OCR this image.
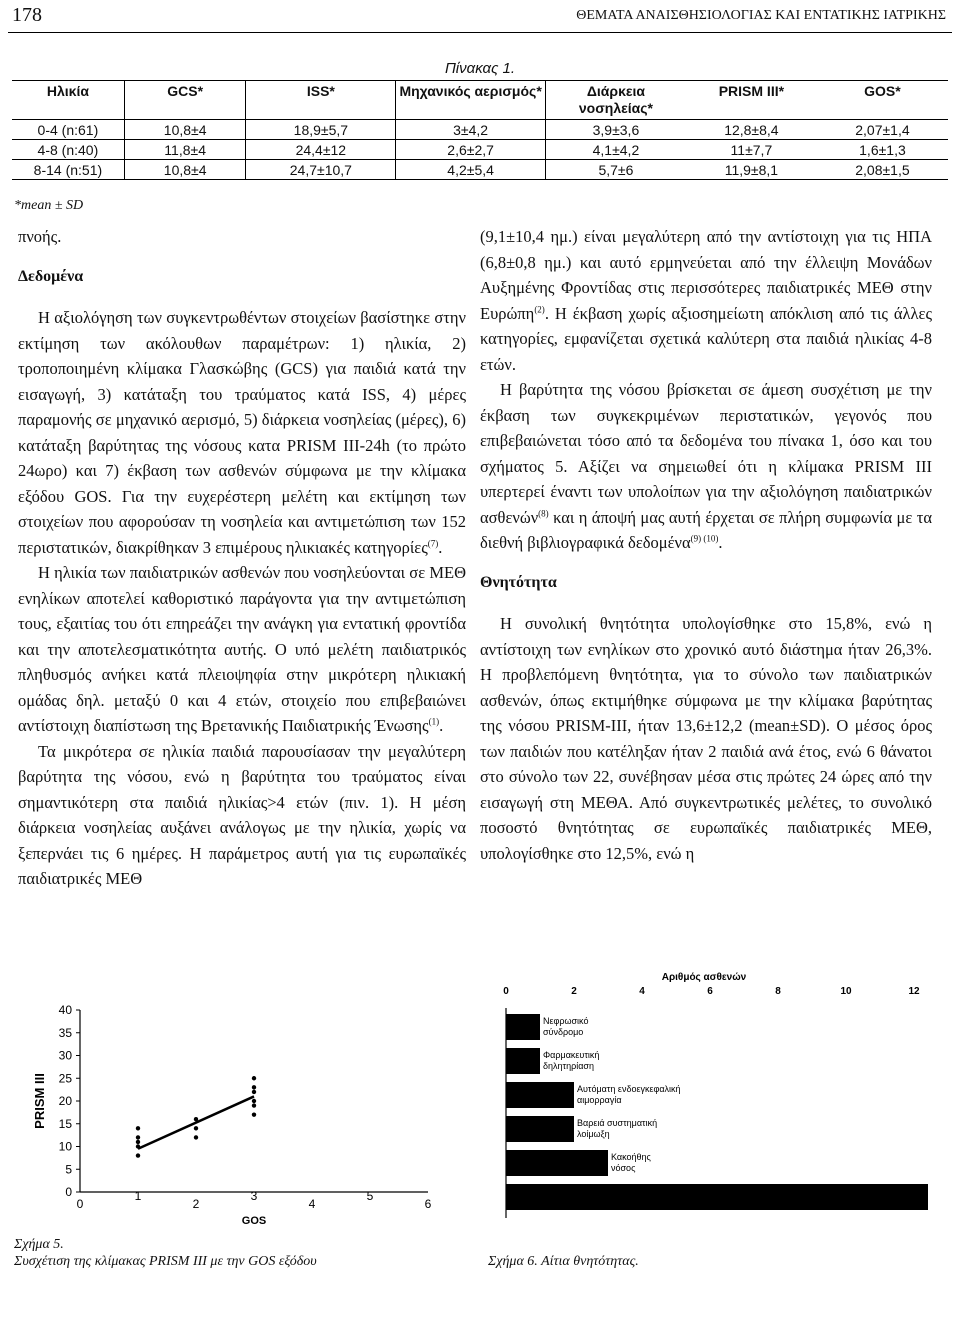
178	ΘΕΜΑΤΑ ΑΝΑΙΣΘΗΣΙΟΛΟΓΙΑΣ ΚΑΙ ΕΝΤΑΤΙΚΗΣ ΙΑΤΡΙΚΗΣ
Πίνακας 1.
Ηλικία	GCS*	ISS*	Μηχανικός αερισμός*	Διάρκεια νοσηλείας*	PRISM III*	GOS*
0-4 (n:61)	10,8±4	18,9±5,7	3±4,2	3,9±3,6	12,8±8,4	2,07±1,4
4-8 (n:40)	11,8±4	24,4±12	2,6±2,7	4,1±4,2	11±7,7	1,6±1,3
8-14 (n:51)	10,8±4	24,7±10,7	4,2±5,4	5,7±6	11,9±8,1	2,08±1,5
*mean ± SD

πνοής.

Δεδομένα

Η αξιολόγηση των συγκεντρωθέντων στοιχείων βασίστηκε στην εκτίμηση των ακόλουθων παραμέτρων: 1) ηλικία, 2) τροποποιημένη κλίμακα Γλασκώβης (GCS) για παιδιά κατά την εισαγωγή, 3) κατάταξη του τραύματος κατά ISS, 4) μέρες παραμονής σε μηχανικό αερισμό, 5) διάρκεια νοσηλείας (μέρες), 6) κατάταξη βαρύτητας της νόσους κατα PRISM III-24h (το πρώτο 24ωρο) και 7) έκβαση των ασθενών σύμφωνα με την κλίμακα εξόδου GOS. Για την ευχερέστερη μελέτη και εκτίμηση των στοιχείων που αφορούσαν τη νοσηλεία και αντιμετώπιση των 152 περιστατικών, διακρίθηκαν 3 επιμέρους ηλικιακές κατηγορίες$^{(7)}$.

Η ηλικία των παιδιατρικών ασθενών που νοσηλεύονται σε ΜΕΘ ενηλίκων αποτελεί καθοριστικό παράγοντα για την αντιμετώπιση τους, εξαιτίας του ότι επηρεάζει την ανάγκη για εντατική φροντίδα και την αποτελεσματικότητα αυτής. Ο υπό μελέτη παιδιατρικός πληθυσμός ανήκει κατά πλειοψηφία στην μικρότερη ηλικιακή ομάδας δηλ. μεταξύ 0 και 4 ετών, στοιχείο που επιβεβαιώνει αντίστοιχη διαπίστωση της Βρετανικής Παιδιατρικής Ένωσης$^{(1)}$.

Τα μικρότερα σε ηλικία παιδιά παρουσίασαν την μεγαλύτερη βαρύτητα της νόσου, ενώ η βαρύτητα του τραύματος είναι σημαντικότερη στα παιδιά ηλικίας>4 ετών (πιν. 1). Η μέση διάρκεια νοσηλείας αυξάνει ανάλογως με την ηλικία, χωρίς να ξεπερνάει τις 6 ημέρες. Η παράμετρος αυτή για τις ευρωπαϊκές παιδιατρικές ΜΕΘ

(9,1±10,4 ημ.) είναι μεγαλύτερη από την αντίστοιχη για τις ΗΠΑ (6,8±0,8 ημ.) και αυτό ερμηνεύεται από την έλλειψη Μονάδων Αυξημένης Φροντίδας στις περισσότερες παιδιατρικές ΜΕΘ στην Ευρώπη$^{(2)}$. Η έκβαση χωρίς αξιοσημείωτη απόκλιση από τις άλλες κατηγορίες, εμφανίζεται σχετικά καλύτερη στα παιδιά ηλικίας 4-8 ετών.

Η βαρύτητα της νόσου βρίσκεται σε άμεση συσχέτιση με την έκβαση των συγκεκριμένων περιστατικών, γεγονός που επιβεβαιώνεται τόσο από τα δεδομένα του πίνακα 1, όσο και του σχήματος 5. Αξίζει να σημειωθεί ότι η κλίμακα PRISM III υπερτερεί έναντι των υπολοίπων για την αξιολόγηση παιδιατρικών ασθενών$^{(8)}$ και η άποψή μας αυτή έρχεται σε πλήρη συμφωνία με τα διεθνή βιβλιογραφικά δεδομένα$^{(9) (10)}$.

Θνητότητα

Η συνολική θνητότητα υπολογίσθηκε στο 15,8%, ενώ η αντίστοιχη των ενηλίκων στο χρονικό αυτό διάστημα ήταν 26,3%. Η προβλεπόμενη θνητότητα, για το σύνολο των παιδιατρικών ασθενών, όπως εκτιμήθηκε σύμφωνα με την κλίμακα βαρύτητας της νόσου PRISM-III, ήταν 13,6±12,2 (mean±SD). Ο μέσος όρος των παιδιών που κατέληξαν ήταν 2 παιδιά ανά έτος, ενώ 6 θάνατοι στο σύνολο των 22, συνέβησαν μέσα στις πρώτες 24 ώρες από την εισαγωγή στη ΜΕΘΑ. Από συγκεντρωτικές μελέτες, το συνολικό ποσοστό θνητότητας σε ευρωπαϊκές παιδιατρικές ΜΕΘ, υπολογίσθηκε στο 12,5%, ενώ η

0
5
10
15
20
25
30
35
40
0
1
2
3
4
5
6
GOS
PRISM III
Σχήμα 5.
Συσχέτιση της κλίμακας PRISM III με την GOS εξόδου
Αριθμός ασθενών
0	2	4	6	8	10	12
Νεφρωσικό σύνδρομο
Φαρμακευτική δηλητηρίαση
Αυτόματη ενδοεγκεφαλική αιμορραγία
Βαρειά συστηματική λοίμωξη
Κακοήθης νόσος
Σχήμα 6. Αίτια θνητότητας.
